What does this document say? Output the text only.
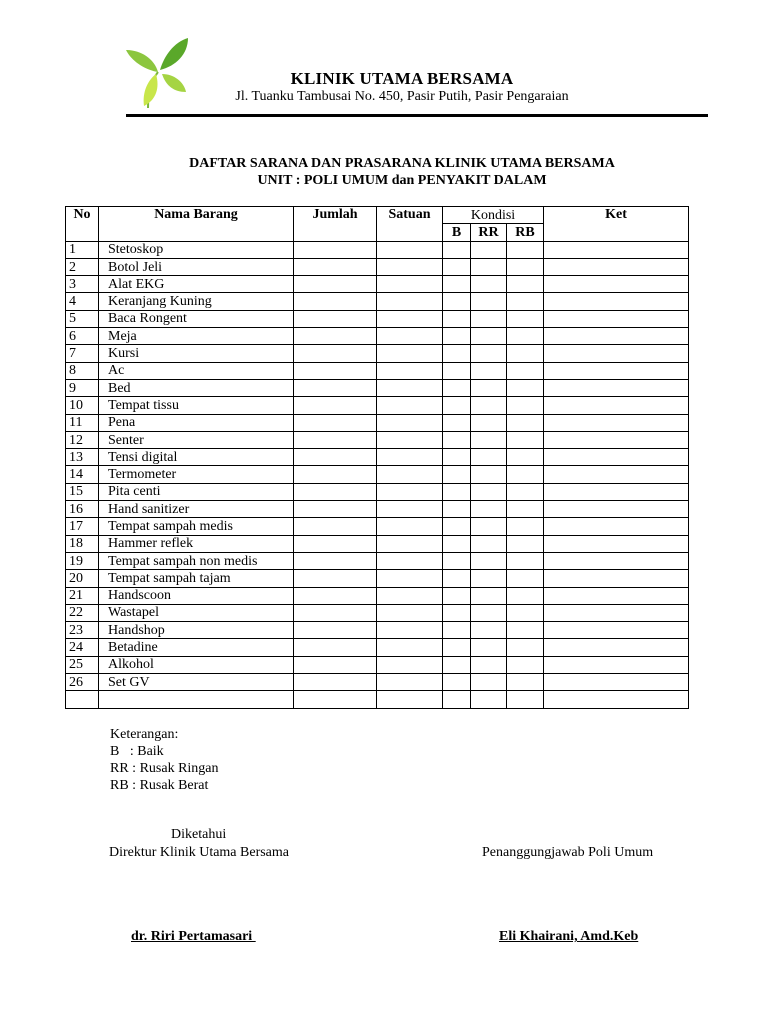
KLINIK UTAMA BERSAMA
Jl. Tuanku Tambusai No. 450, Pasir Putih, Pasir Pengaraian
DAFTAR SARANA DAN PRASARANA KLINIK UTAMA BERSAMA
UNIT : POLI UMUM dan PENYAKIT DALAM
No	Nama Barang	Jumlah	Satuan	Kondisi			Ket
				B	RR	RB	
1	Stetoskop						
2	Botol Jeli						
3	Alat EKG						
4	Keranjang Kuning						
5	Baca Rongent						
6	Meja						
7	Kursi						
8	Ac						
9	Bed						
10	Tempat tissu						
11	Pena						
12	Senter						
13	Tensi digital						
14	Termometer						
15	Pita centi						
16	Hand sanitizer						
17	Tempat sampah medis						
18	Hammer reflek						
19	Tempat sampah non medis						
20	Tempat sampah tajam						
21	Handscoon						
22	Wastapel						
23	Handshop						
24	Betadine						
25	Alkohol						
26	Set GV						

Keterangan:
B   : Baik
RR : Rusak Ringan
RB : Rusak Berat
Diketahui
Direktur Klinik Utama Bersama	Penanggungjawab Poli Umum
dr. Riri Pertamasari	Eli Khairani, Amd.Keb
